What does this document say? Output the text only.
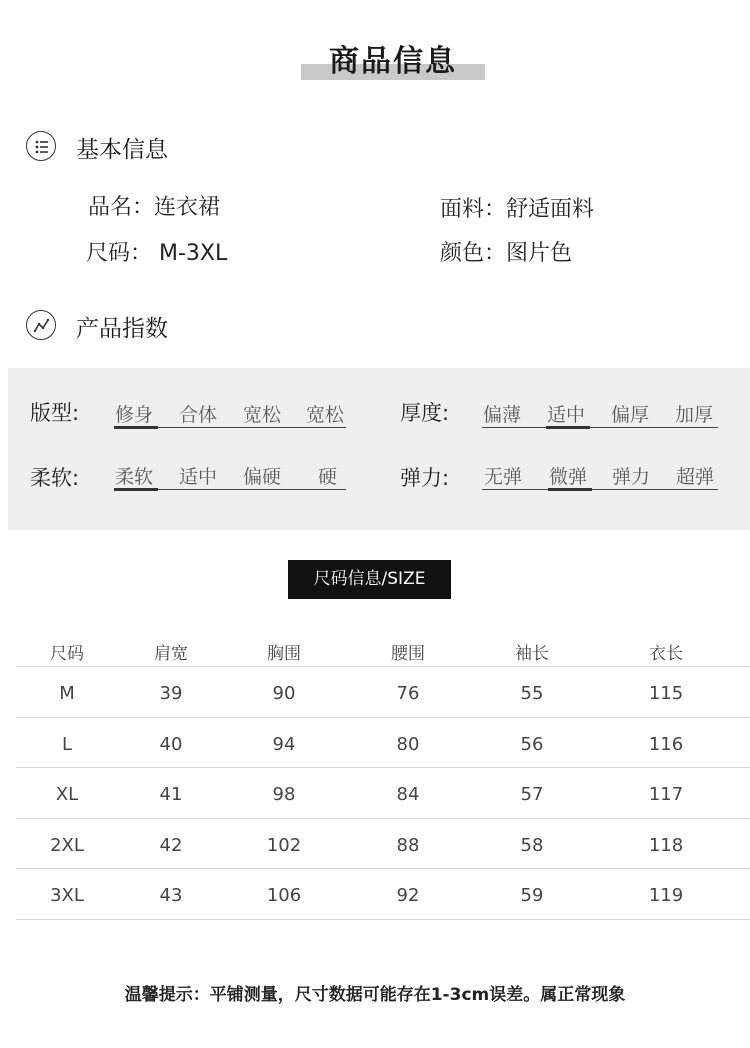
商品信息
基本信息
品名：连衣裙	面料：舒适面料
尺码： M-3XL	颜色：图片色
产品指数
版型: 修身 合体 宽松 宽松	厚度: 偏薄 适中 偏厚 加厚
柔软: 柔软 适中 偏硬 硬	弹力: 无弹 微弹 弹力 超弹
尺码信息/SIZE
尺码	肩宽	胸围	腰围	袖长	衣长
M	39	90	76	55	115
L	40	94	80	56	116
XL	41	98	84	57	117
2XL	42	102	88	58	118
3XL	43	106	92	59	119
温馨提示：平铺测量，尺寸数据可能存在1-3cm误差。属正常现象
